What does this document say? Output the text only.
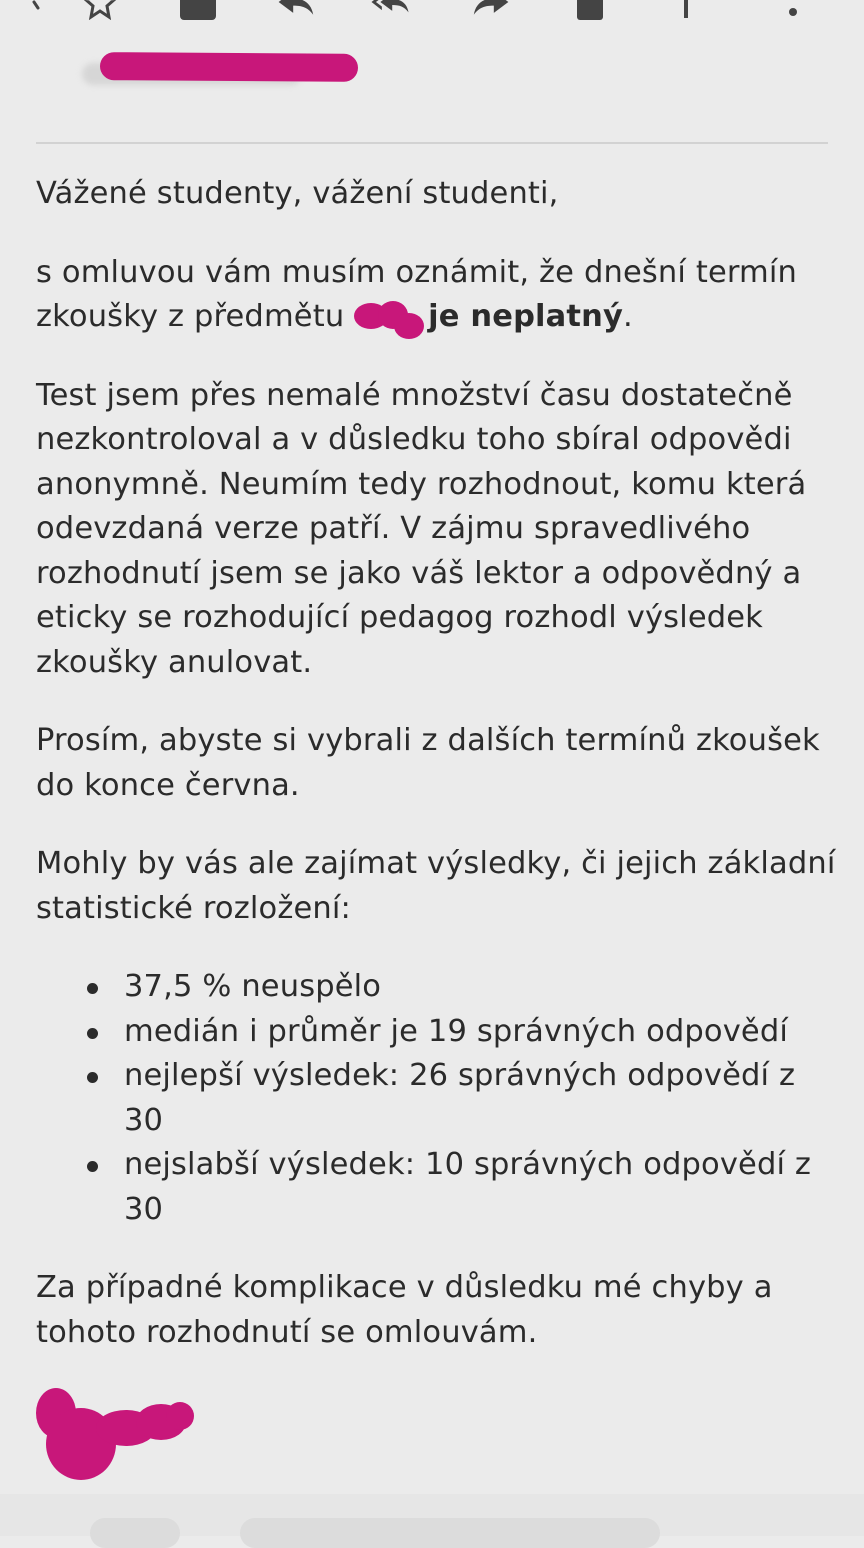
Vážené studenty, vážení studenti,

s omluvou vám musím oznámit, že dnešní termín zkoušky z předmětu
je neplatný.

Test jsem přes nemalé množství času dostatečně nezkontroloval a v důsledku toho sbíral odpovědi anonymně. Neumím tedy rozhodnout, komu která odevzdaná verze patří. V zájmu spravedlivého rozhodnutí jsem se jako váš lektor a odpovědný a eticky se rozhodující pedagog rozhodl výsledek zkoušky anulovat.

Prosím, abyste si vybrali z dalších termínů zkoušek do konce června.

Mohly by vás ale zajímat výsledky, či jejich základní statistické rozložení:

37,5 % neuspělo
medián i průměr je 19 správných odpovědí
nejlepší výsledek: 26 správných odpovědí z 30
nejslabší výsledek: 10 správných odpovědí z 30

Za případné komplikace v důsledku mé chyby a tohoto rozhodnutí se omlouvám.
